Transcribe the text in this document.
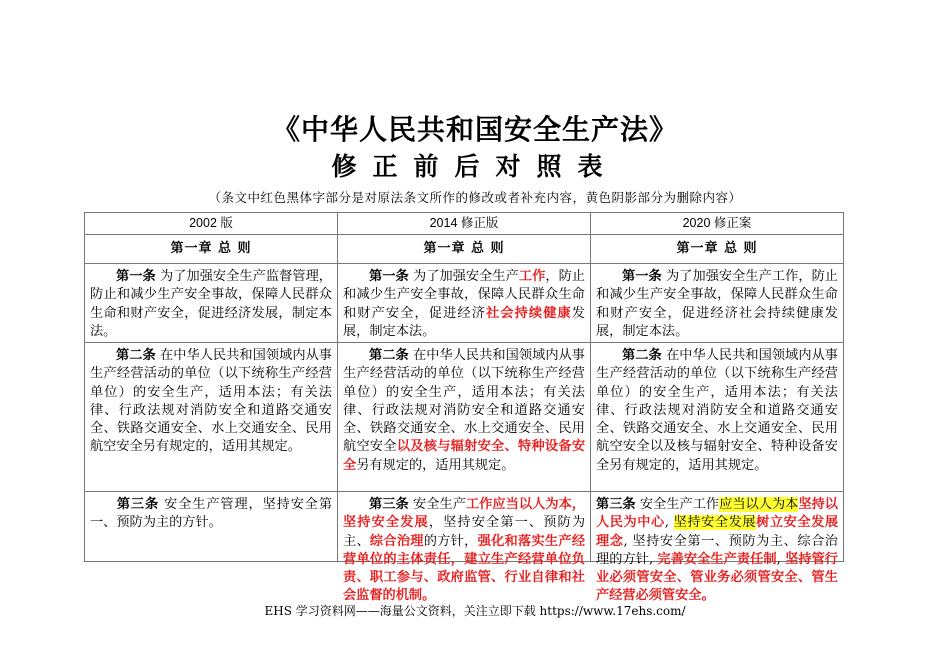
《中华人民共和国安全生产法》
修正前后对照表
（条文中红色黑体字部分是对原法条文所作的修改或者补充内容，黄色阴影部分为删除内容）
2002 版	2014 修正版	2020 修正案
第一章 总 则	第一章 总 则	第一章 总 则
第一条 为了加强安全生产监督管理，防止和减少生产安全事故，保障人民群众生命和财产安全，促进经济发展，制定本法。	第一条 为了加强安全生产工作，防止和减少生产安全事故，保障人民群众生命和财产安全，促进经济社会持续健康发展，制定本法。	第一条 为了加强安全生产工作，防止和减少生产安全事故，保障人民群众生命和财产安全，促进经济社会持续健康发展，制定本法。
第二条 在中华人民共和国领域内从事生产经营活动的单位（以下统称生产经营单位）的安全生产，适用本法；有关法律、行政法规对消防安全和道路交通安全、铁路交通安全、水上交通安全、民用航空安全另有规定的，适用其规定。	第二条 在中华人民共和国领域内从事生产经营活动的单位（以下统称生产经营单位）的安全生产，适用本法；有关法律、行政法规对消防安全和道路交通安全、铁路交通安全、水上交通安全、民用航空安全以及核与辐射安全、特种设备安全另有规定的，适用其规定。	第二条 在中华人民共和国领域内从事生产经营活动的单位（以下统称生产经营单位）的安全生产，适用本法；有关法律、行政法规对消防安全和道路交通安全、铁路交通安全、水上交通安全、民用航空安全以及核与辐射安全、特种设备安全另有规定的，适用其规定。

第三条 安全生产管理，坚持安全第一、预防为主的方针。	第三条 安全生产工作应当以人为本，坚持安全发展，坚持安全第一、预防为主、综合治理的方针，强化和落实生产经营单位的主体责任，建立生产经营单位负责、职工参与、政府监管、行业自律和社会监督的机制。	第三条 安全生产工作应当以人为本坚持以人民为中心, 坚持安全发展树立安全发展理念, 坚持安全第一、预防为主、综合治理的方针, 完善安全生产责任制, 坚持管行业必须管安全、管业务必须管安全、管生产经营必须管安全。
EHS 学习资料网——海量公文资料，关注立即下载 https://www.17ehs.com/
